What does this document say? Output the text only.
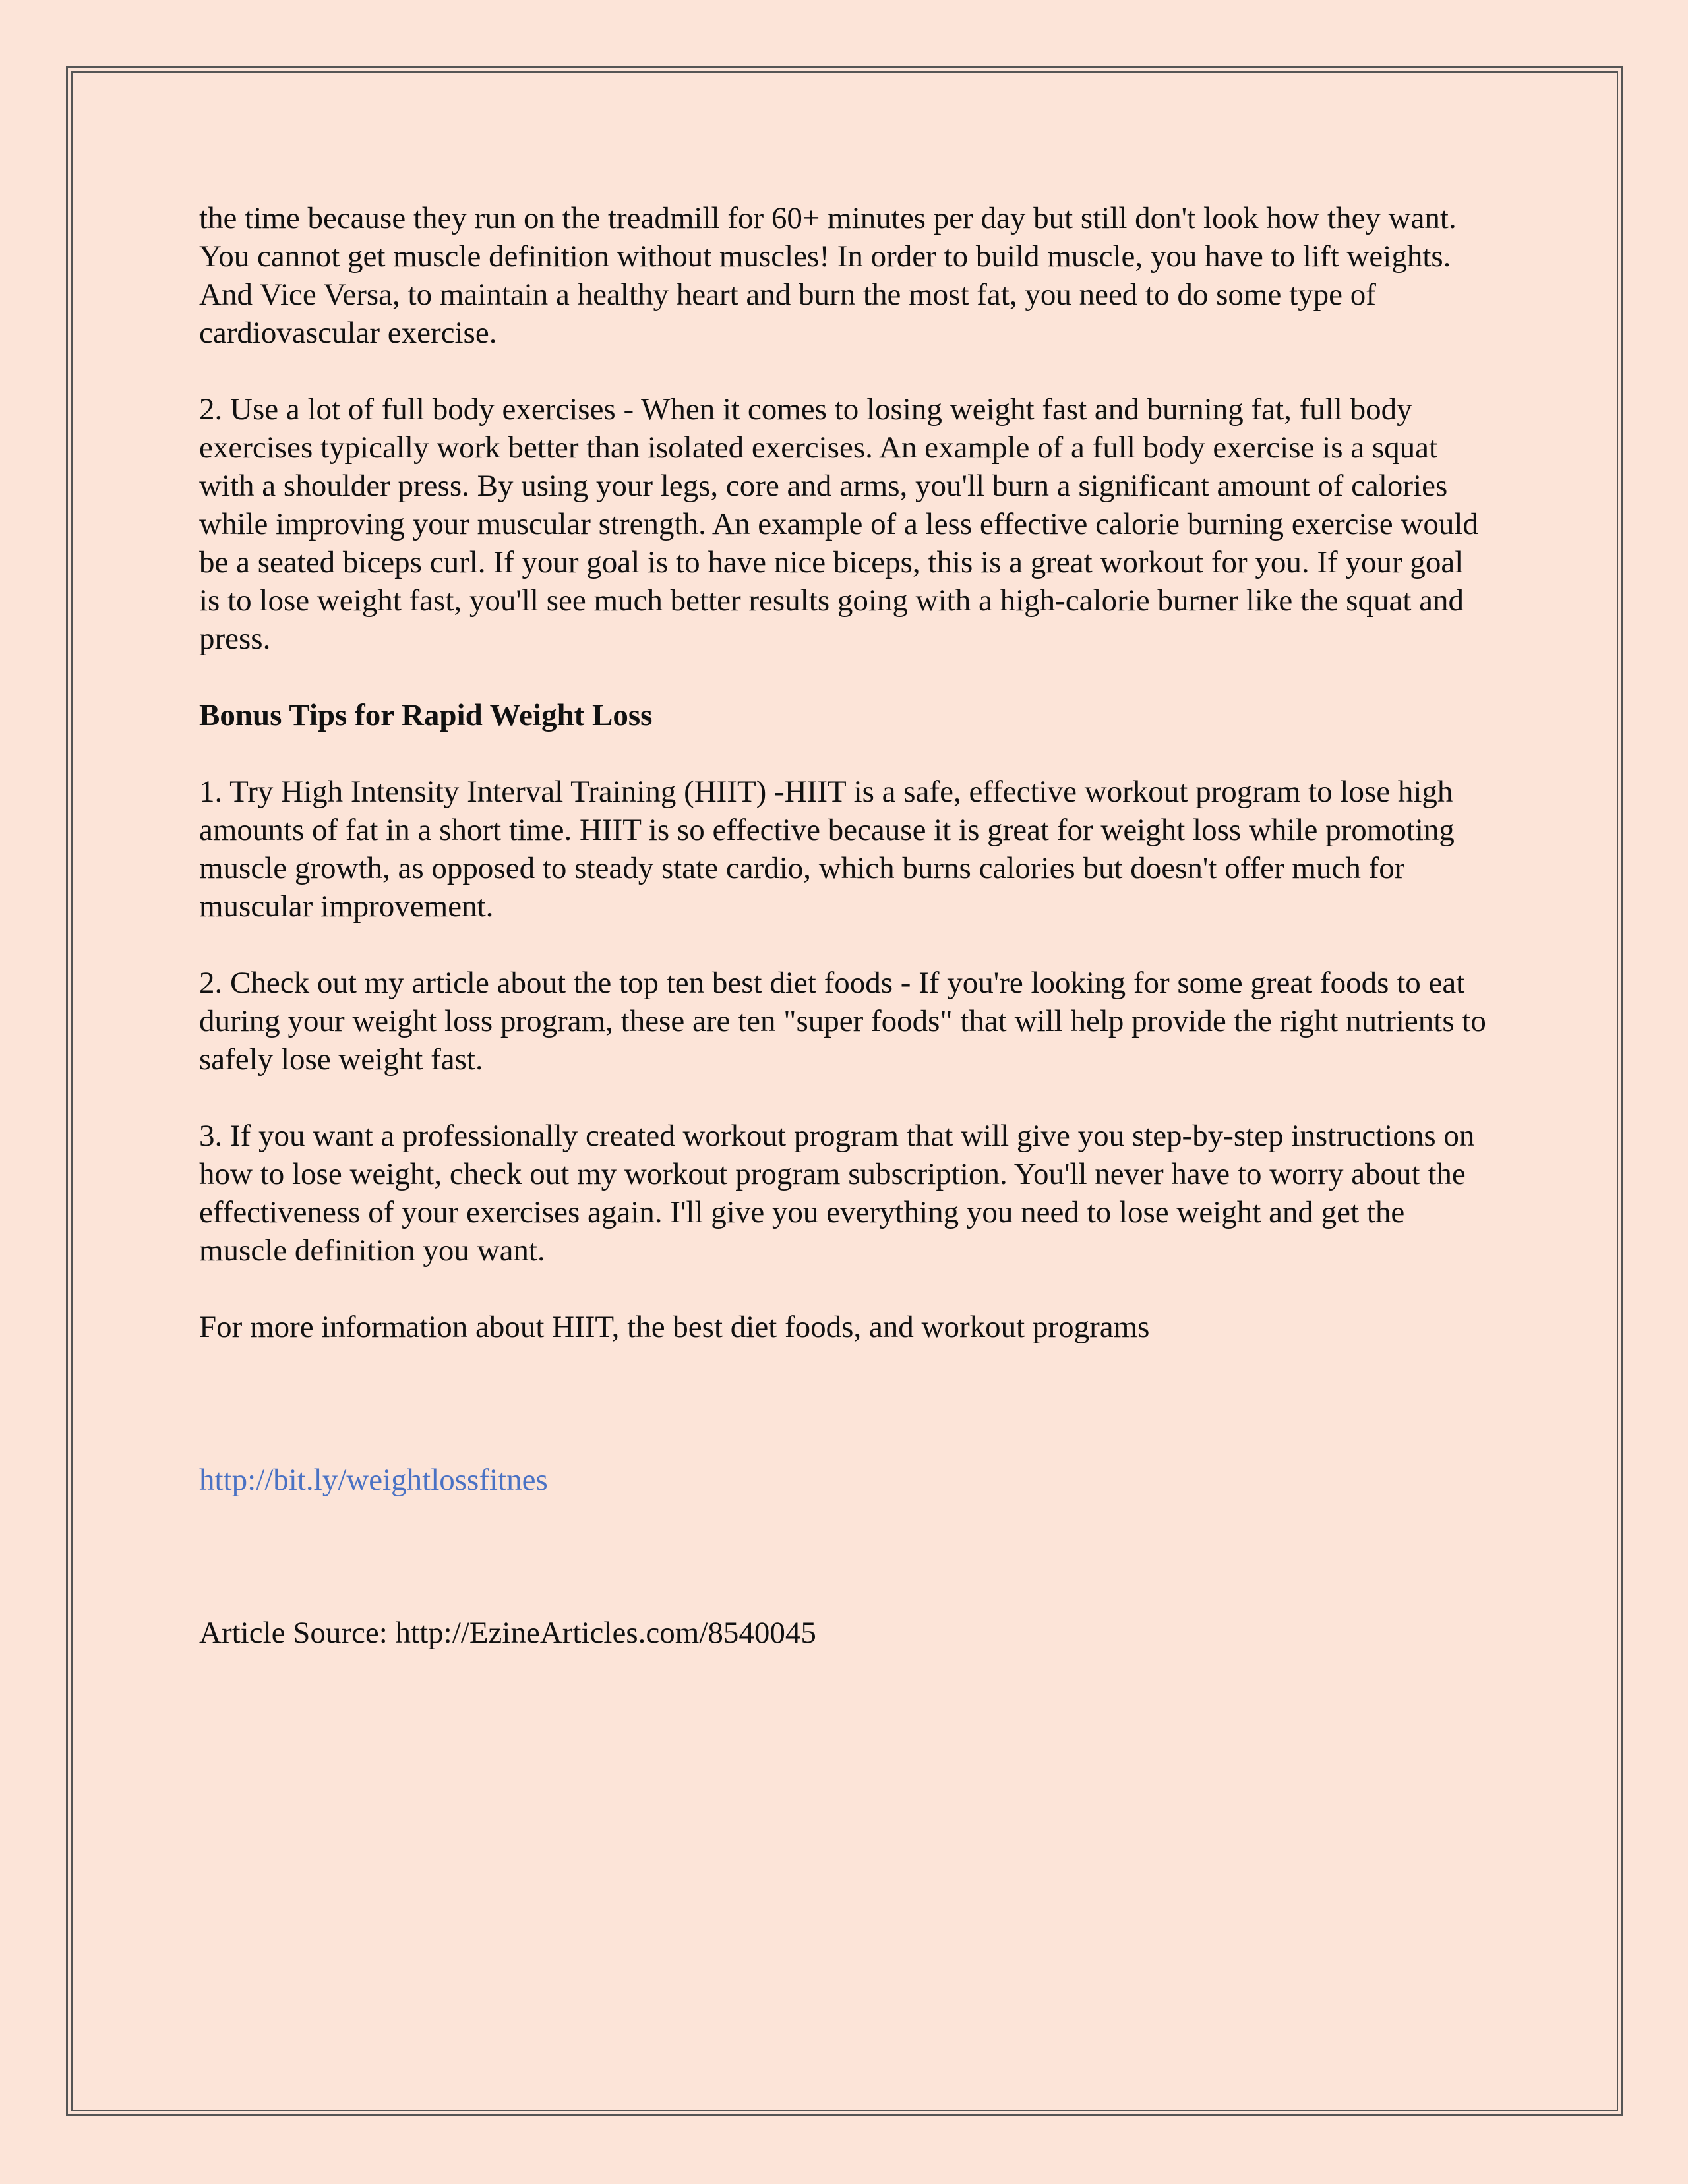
the time because they run on the treadmill for 60+ minutes per day but still don't look how they want. You cannot get muscle definition without muscles! In order to build muscle, you have to lift weights. And Vice Versa, to maintain a healthy heart and burn the most fat, you need to do some type of cardiovascular exercise.

2. Use a lot of full body exercises - When it comes to losing weight fast and burning fat, full body exercises typically work better than isolated exercises. An example of a full body exercise is a squat with a shoulder press. By using your legs, core and arms, you'll burn a significant amount of calories while improving your muscular strength. An example of a less effective calorie burning exercise would be a seated biceps curl. If your goal is to have nice biceps, this is a great workout for you. If your goal is to lose weight fast, you'll see much better results going with a high-calorie burner like the squat and press.

Bonus Tips for Rapid Weight Loss

1. Try High Intensity Interval Training (HIIT) -HIIT is a safe, effective workout program to lose high amounts of fat in a short time. HIIT is so effective because it is great for weight loss while promoting muscle growth, as opposed to steady state cardio, which burns calories but doesn't offer much for muscular improvement.

2. Check out my article about the top ten best diet foods - If you're looking for some great foods to eat during your weight loss program, these are ten "super foods" that will help provide the right nutrients to safely lose weight fast.

3. If you want a professionally created workout program that will give you step-by-step instructions on how to lose weight, check out my workout program subscription. You'll never have to worry about the effectiveness of your exercises again. I'll give you everything you need to lose weight and get the muscle definition you want.

For more information about HIIT, the best diet foods, and workout programs

http://bit.ly/weightlossfitnes

Article Source: http://EzineArticles.com/8540045
